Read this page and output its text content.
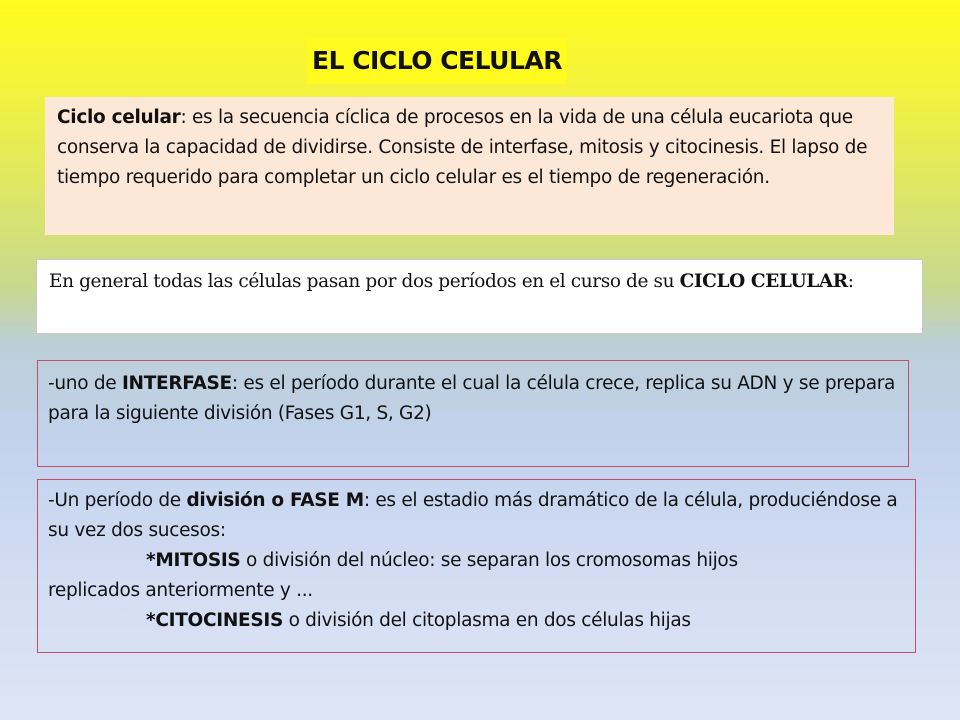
EL CICLO CELULAR
Ciclo celular: es la secuencia cíclica de procesos en la vida de una célula eucariota que conserva la capacidad de dividirse. Consiste de interfase, mitosis y citocinesis. El lapso de tiempo requerido para completar un ciclo celular es el tiempo de regeneración.
En general todas las células pasan por dos períodos en el curso de su CICLO CELULAR:
-uno de INTERFASE: es el período durante el cual la célula crece, replica su ADN y se prepara para la siguiente división (Fases G1, S, G2)
-Un período de división o FASE M: es el estadio más dramático de la célula, produciéndose a su vez dos sucesos:
*MITOSIS o división del núcleo: se separan los cromosomas hijos
replicados anteriormente y ...
*CITOCINESIS o división del citoplasma en dos células hijas
